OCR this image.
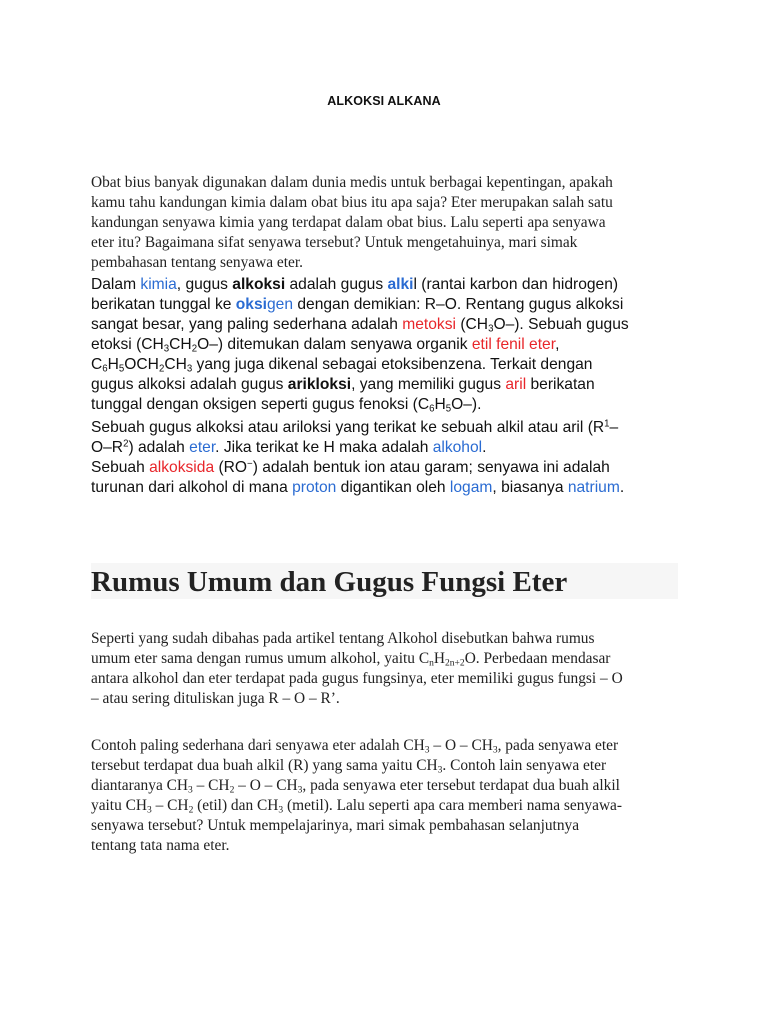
ALKOKSI ALKANA
Obat bius banyak digunakan dalam dunia medis untuk berbagai kepentingan, apakah
kamu tahu kandungan kimia dalam obat bius itu apa saja? Eter merupakan salah satu
kandungan senyawa kimia yang terdapat dalam obat bius. Lalu seperti apa senyawa
eter itu? Bagaimana sifat senyawa tersebut? Untuk mengetahuinya, mari simak
pembahasan tentang senyawa eter.
Dalam kimia, gugus alkoksi adalah gugus alkil (rantai karbon dan hidrogen)
berikatan tunggal ke oksigen dengan demikian: R–O. Rentang gugus alkoksi
sangat besar, yang paling sederhana adalah metoksi $(CH_3O-)$. Sebuah gugus
etoksi $(CH_3CH_2O-)$ ditemukan dalam senyawa organik etil fenil eter,
$C_6H_5OCH_2CH_3$ yang juga dikenal sebagai etoksibenzena. Terkait dengan
gugus alkoksi adalah gugus arikloksi, yang memiliki gugus aril berikatan
tunggal dengan oksigen seperti gugus fenoksi $(C_6H_5O-)$.
Sebuah gugus alkoksi atau ariloksi yang terikat ke sebuah alkil atau aril ($R^1-$
$O-R^2$) adalah eter. Jika terikat ke H maka adalah alkohol.
Sebuah alkoksida (RO−) adalah bentuk ion atau garam; senyawa ini adalah
turunan dari alkohol di mana proton digantikan oleh logam, biasanya natrium.
Rumus Umum dan Gugus Fungsi Eter
Seperti yang sudah dibahas pada artikel tentang Alkohol disebutkan bahwa rumus
umum eter sama dengan rumus umum alkohol, yaitu $C_nH_{2n+2}O$. Perbedaan mendasar
antara alkohol dan eter terdapat pada gugus fungsinya, eter memiliki gugus fungsi – O
– atau sering dituliskan juga R – O – R’.
Contoh paling sederhana dari senyawa eter adalah $CH_3$ – O – $CH_3$, pada senyawa eter
tersebut terdapat dua buah alkil (R) yang sama yaitu $CH_3$. Contoh lain senyawa eter
diantaranya $CH_3 - CH_2$ – O – $CH_3$, pada senyawa eter tersebut terdapat dua buah alkil
yaitu $CH_3 - CH_2$ (etil) dan $CH_3$ (metil). Lalu seperti apa cara memberi nama senyawa-
senyawa tersebut? Untuk mempelajarinya, mari simak pembahasan selanjutnya
tentang tata nama eter.
